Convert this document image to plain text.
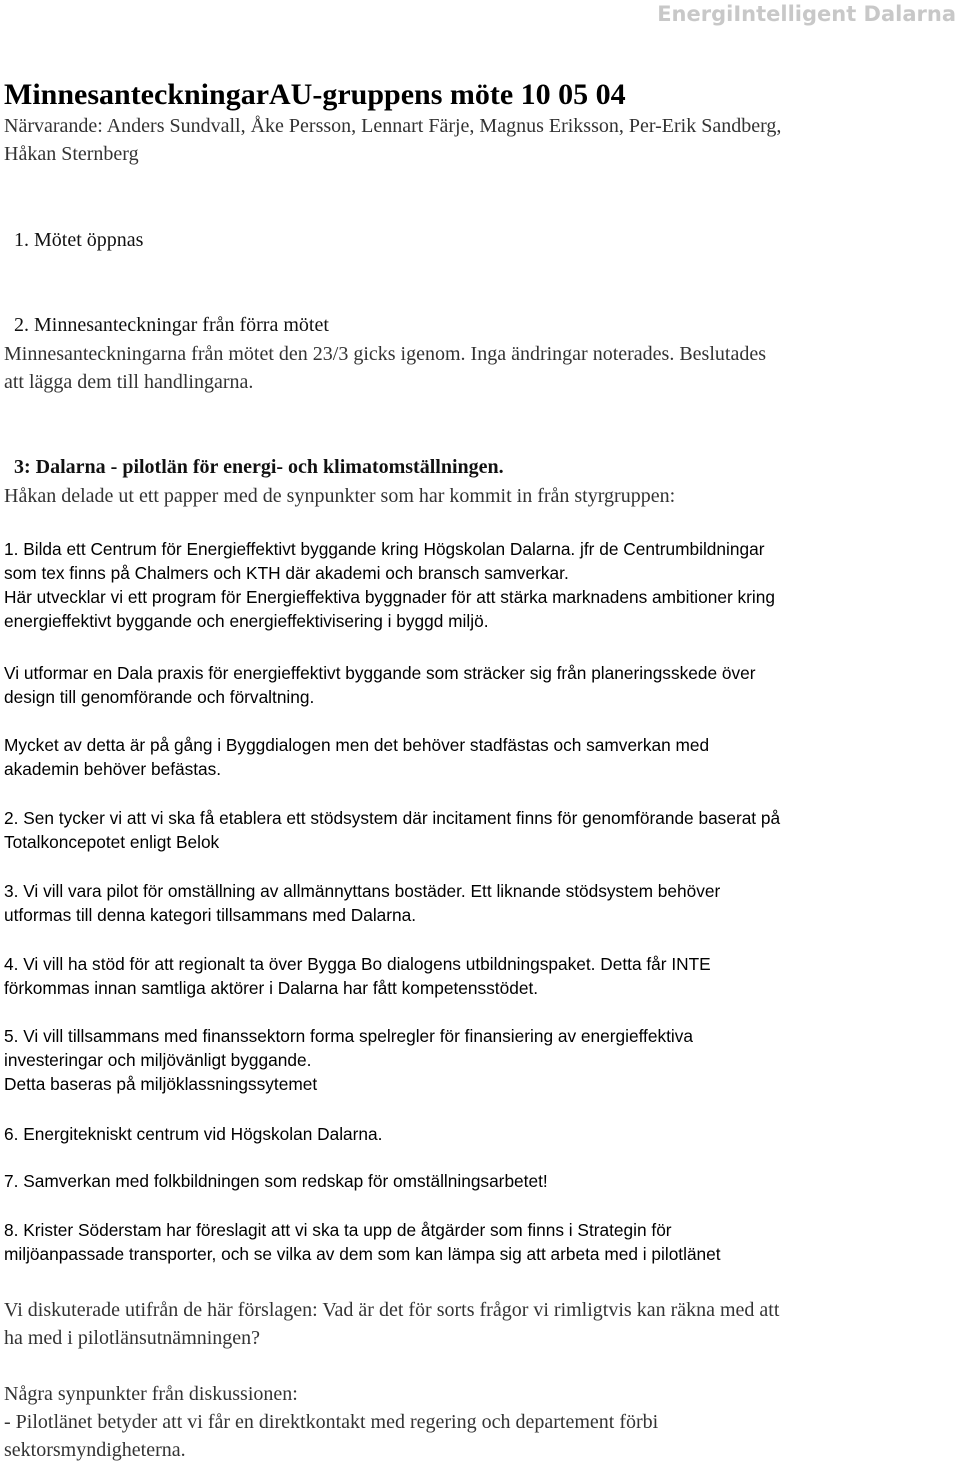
EnergiIntelligent Dalarna
MinnesanteckningarAU-gruppens möte 10 05 04
Närvarande: Anders Sundvall, Åke Persson, Lennart Färje, Magnus Eriksson, Per-Erik Sandberg,
Håkan Sternberg
1. Mötet öppnas
2. Minnesanteckningar från förra mötet
Minnesanteckningarna från mötet den 23/3 gicks igenom. Inga ändringar noterades. Beslutades
att lägga dem till handlingarna.
3: Dalarna - pilotlän för energi- och klimatomställningen.
Håkan delade ut ett papper med de synpunkter som har kommit in från styrgruppen:
1. Bilda ett Centrum för Energieffektivt byggande kring Högskolan Dalarna. jfr de Centrumbildningar
som tex finns på Chalmers och KTH där akademi och bransch samverkar.
Här utvecklar vi ett program för Energieffektiva byggnader för att stärka marknadens ambitioner kring
energieffektivt byggande och energieffektivisering i byggd miljö.
Vi utformar en Dala praxis för energieffektivt byggande som sträcker sig från planeringsskede över
design till genomförande och förvaltning.
Mycket av detta är på gång i Byggdialogen men det behöver stadfästas och samverkan med
akademin behöver befästas.
2. Sen tycker vi att vi ska få etablera ett stödsystem där incitament finns för genomförande baserat på
Totalkoncepotet enligt Belok
3. Vi vill vara pilot för omställning av allmännyttans bostäder. Ett liknande stödsystem behöver
utformas till denna kategori tillsammans med Dalarna.
4. Vi vill ha stöd för att regionalt ta över Bygga Bo dialogens utbildningspaket. Detta får INTE
förkommas innan samtliga aktörer i Dalarna har fått kompetensstödet.
5. Vi vill tillsammans med finanssektorn forma spelregler för finansiering av energieffektiva
investeringar och miljövänligt byggande.
Detta baseras på miljöklassningssytemet
6. Energitekniskt centrum vid Högskolan Dalarna.
7. Samverkan med folkbildningen som redskap för omställningsarbetet!
8. Krister Söderstam har föreslagit att vi ska ta upp de åtgärder som finns i Strategin för
miljöanpassade transporter, och se vilka av dem som kan lämpa sig att arbeta med i pilotlänet
Vi diskuterade utifrån de här förslagen: Vad är det för sorts frågor vi rimligtvis kan räkna med att
ha med i pilotlänsutnämningen?
Några synpunkter från diskussionen:
- Pilotlänet betyder att vi får en direktkontakt med regering och departement förbi
sektorsmyndigheterna.
